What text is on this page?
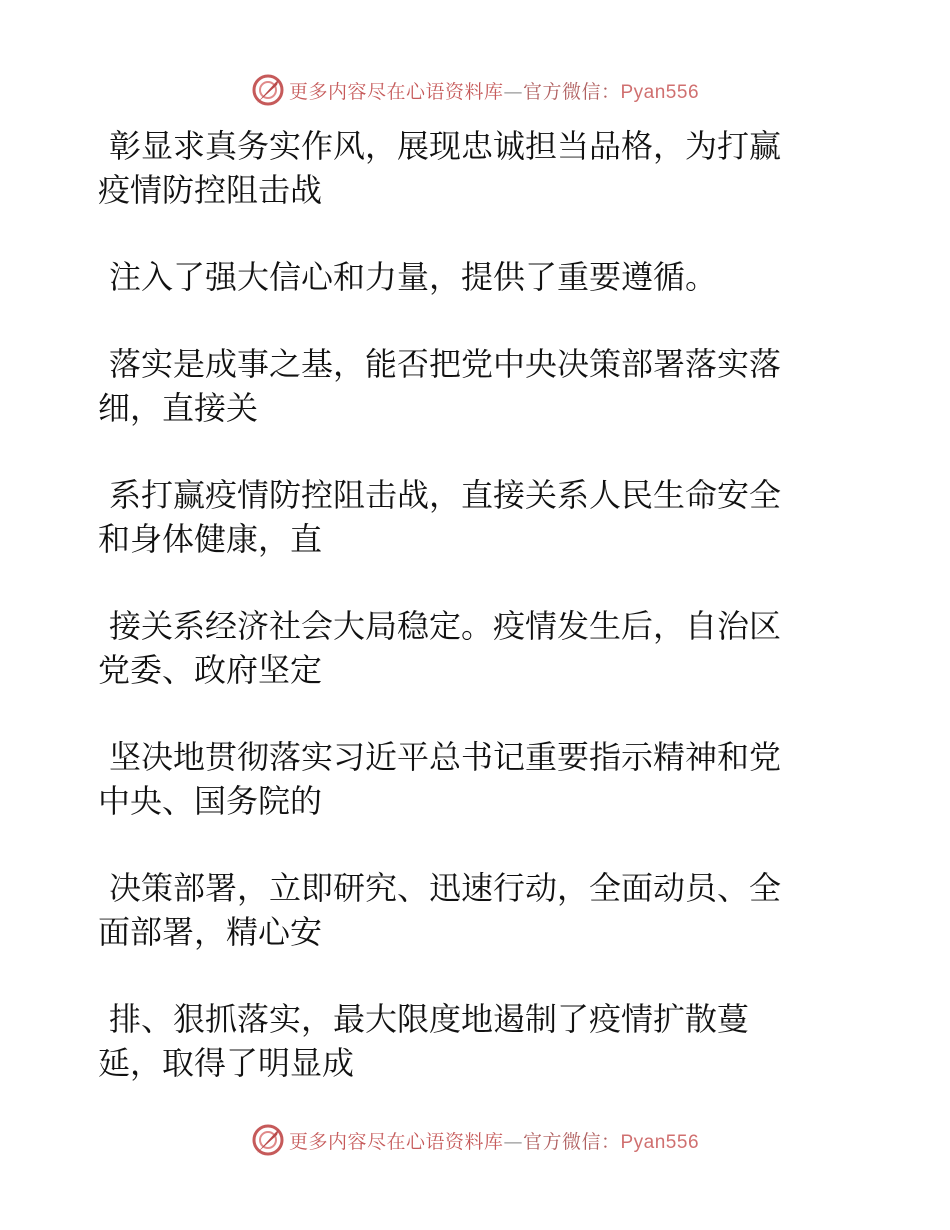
更多内容尽在心语资料库—官方微信：Pyan556

彰显求真务实作风，展现忠诚担当品格，为打赢
疫情防控阻击战

注入了强大信心和力量，提供了重要遵循。

落实是成事之基，能否把党中央决策部署落实落
细，直接关

系打赢疫情防控阻击战，直接关系人民生命安全
和身体健康，直

接关系经济社会大局稳定。疫情发生后，自治区
党委、政府坚定

坚决地贯彻落实习近平总书记重要指示精神和党
中央、国务院的

决策部署，立即研究、迅速行动，全面动员、全
面部署，精心安

排、狠抓落实，最大限度地遏制了疫情扩散蔓
延，取得了明显成

更多内容尽在心语资料库—官方微信：Pyan556
